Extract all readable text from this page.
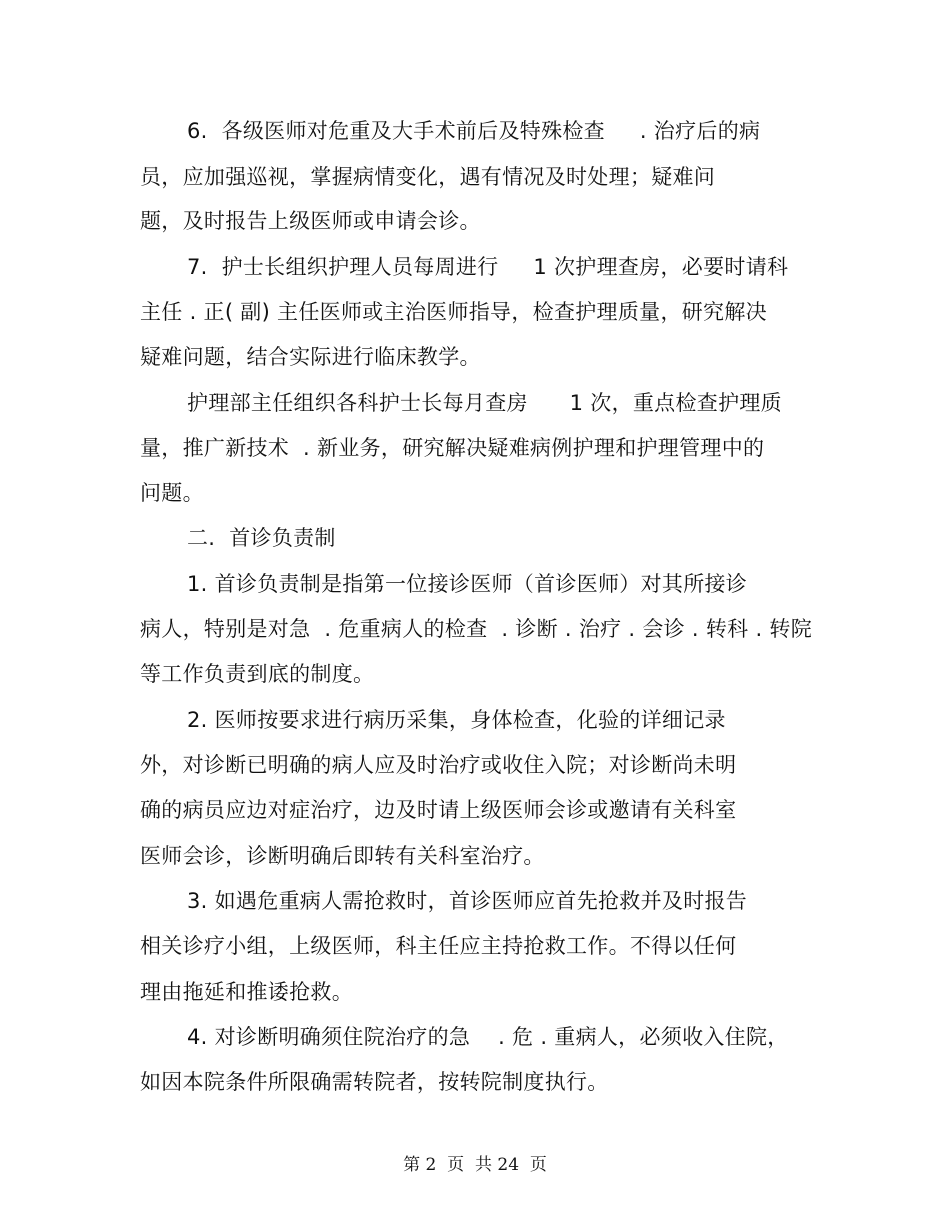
6.  各级医师对危重及大手术前后及特殊检查     . 治疗后的病
员，应加强巡视，掌握病情变化，遇有情况及时处理；疑难问
题，及时报告上级医师或申请会诊。
7.  护士长组织护理人员每周进行     1 次护理查房，必要时请科
主任 . 正( 副) 主任医师或主治医师指导，检查护理质量，研究解决
疑难问题，结合实际进行临床教学。
护理部主任组织各科护士长每月查房      1 次，重点检查护理质
量，推广新技术  . 新业务，研究解决疑难病例护理和护理管理中的
问题。
二.  首诊负责制
1. 首诊负责制是指第一位接诊医师（首诊医师）对其所接诊
病人，特别是对急  . 危重病人的检查  . 诊断 . 治疗 . 会诊 . 转科 . 转院
等工作负责到底的制度。
2. 医师按要求进行病历采集，身体检查，化验的详细记录
外，对诊断已明确的病人应及时治疗或收住入院；对诊断尚未明
确的病员应边对症治疗，边及时请上级医师会诊或邀请有关科室
医师会诊，诊断明确后即转有关科室治疗。
3. 如遇危重病人需抢救时，首诊医师应首先抢救并及时报告
相关诊疗小组，上级医师，科主任应主持抢救工作。不得以任何
理由拖延和推诿抢救。
4. 对诊断明确须住院治疗的急    . 危 . 重病人，必须收入住院，
如因本院条件所限确需转院者，按转院制度执行。
第 2  页  共 24  页
